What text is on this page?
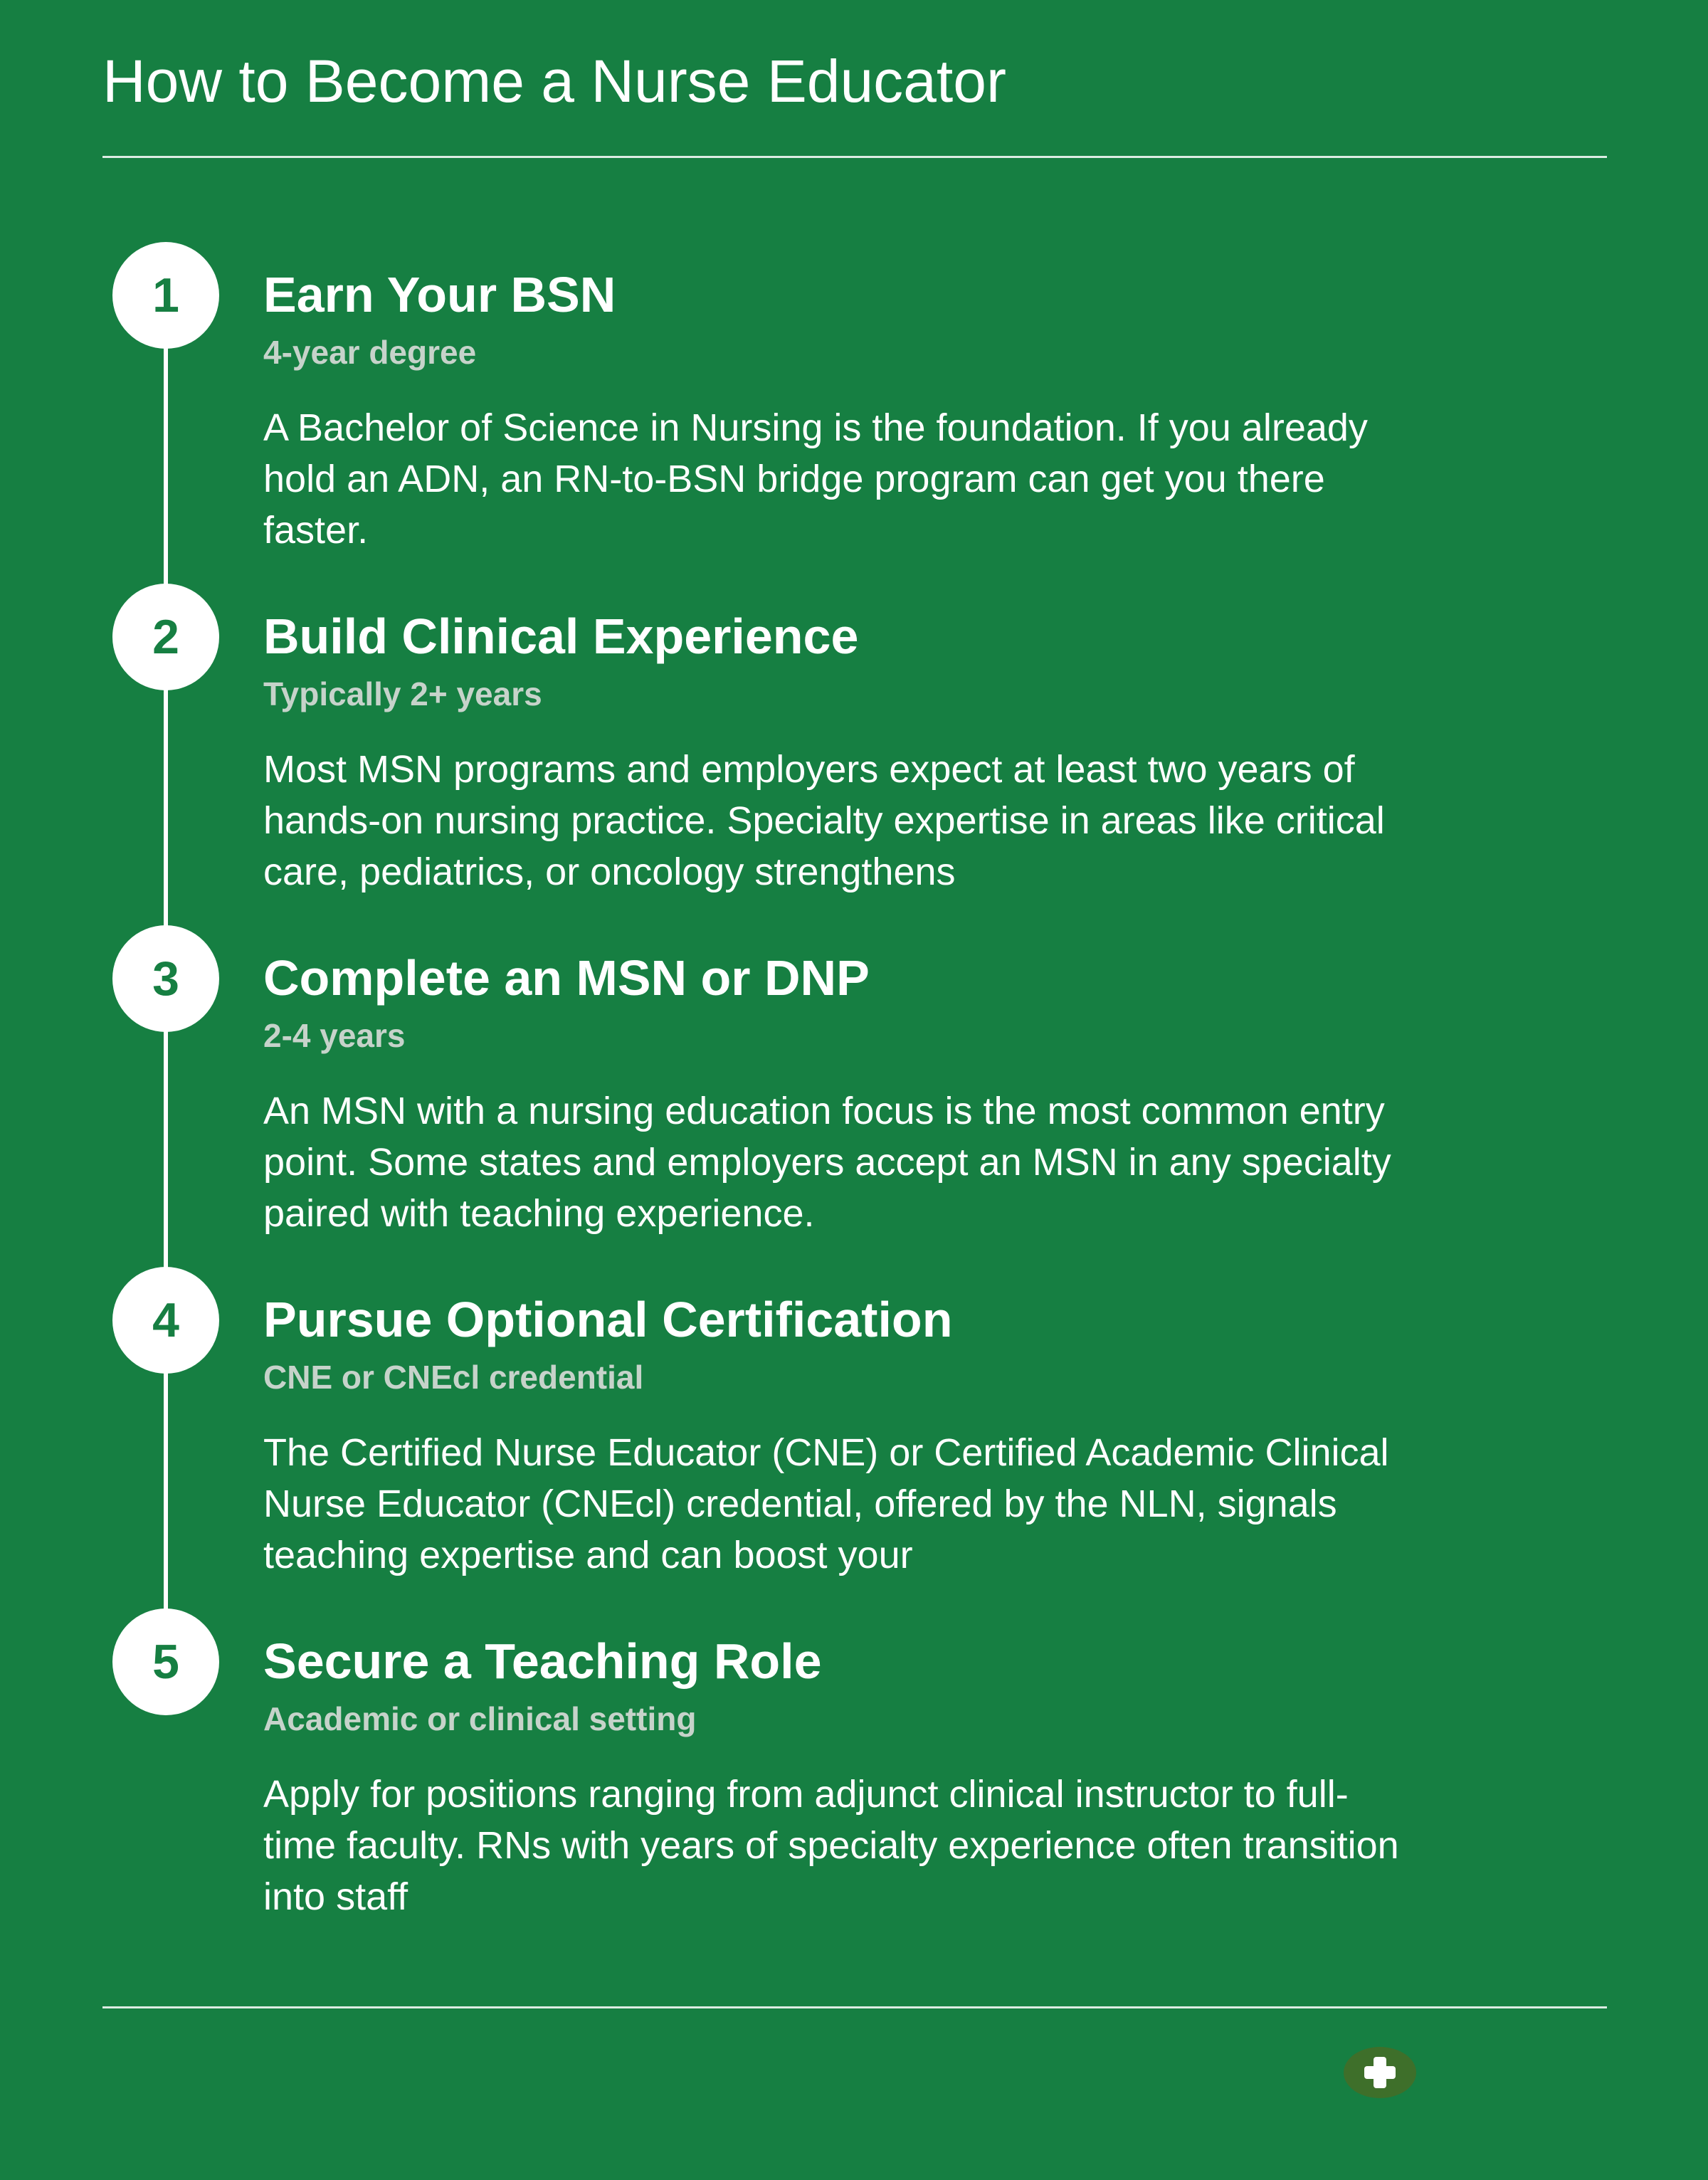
How to Become a Nurse Educator
1	Earn Your BSN
4-year degree

A Bachelor of Science in Nursing is the foundation. If you already hold an ADN, an RN-to-BSN bridge program can get you there faster.

2	Build Clinical Experience
Typically 2+ years

Most MSN programs and employers expect at least two years of hands-on nursing practice. Specialty expertise in areas like critical care, pediatrics, or oncology strengthens

3	Complete an MSN or DNP
2-4 years

An MSN with a nursing education focus is the most common entry point. Some states and employers accept an MSN in any specialty paired with teaching experience.

4	Pursue Optional Certification
CNE or CNEcl credential

The Certified Nurse Educator (CNE) or Certified Academic Clinical Nurse Educator (CNEcl) credential, offered by the NLN, signals teaching expertise and can boost your

5	Secure a Teaching Role
Academic or clinical setting

Apply for positions ranging from adjunct clinical instructor to full-time faculty. RNs with years of specialty experience often transition into staff
